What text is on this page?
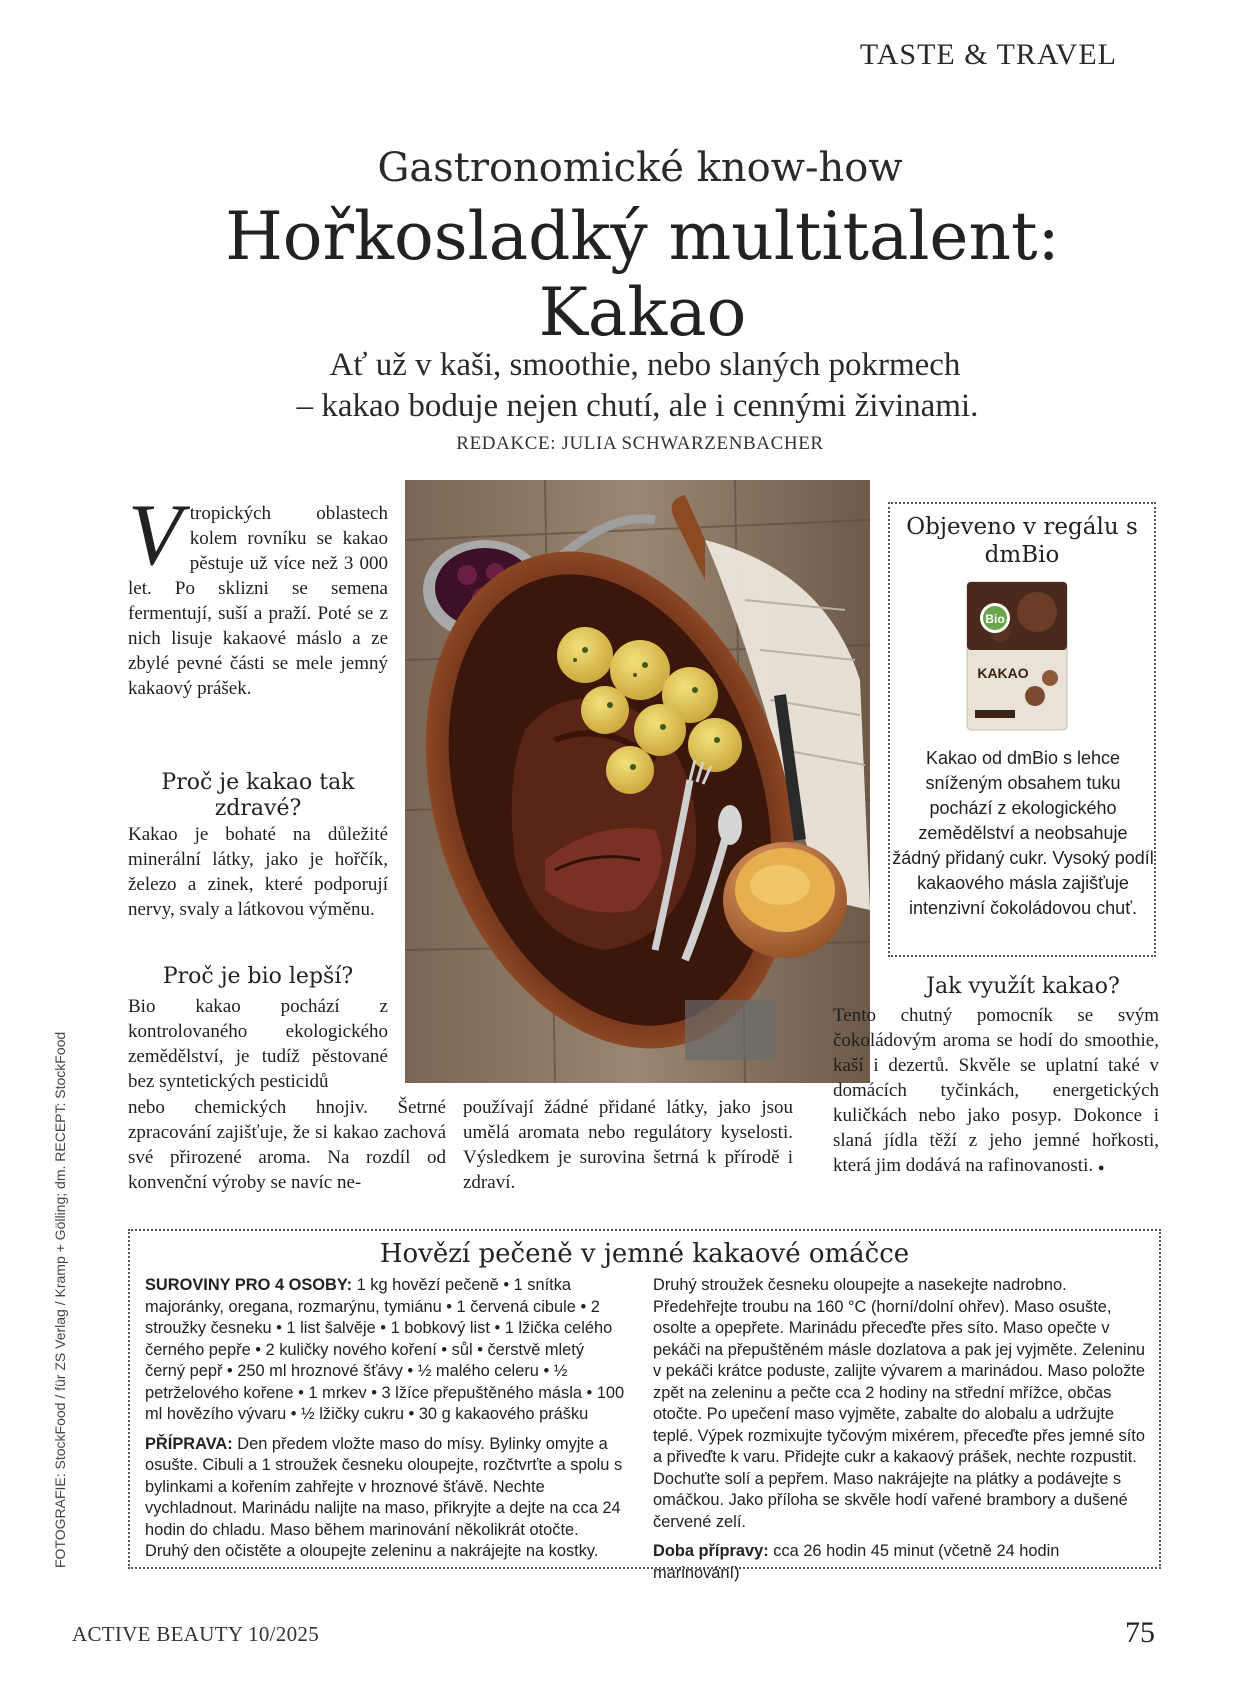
TASTE & TRAVEL
Gastronomické know-how
Hořkosladký multitalent:
Kakao
Ať už v kaši, smoothie, nebo slaných pokrmech
– kakao boduje nejen chutí, ale i cennými živinami.
REDAKCE: JULIA SCHWARZENBACHER
V tropických oblastech kolem rovníku se kakao pěstuje už více než 3 000 let. Po sklizni se semena fermentují, suší a praží. Poté se z nich lisuje kakaové máslo a ze zbylé pevné části se mele jemný kakaový prášek.
Proč je kakao tak zdravé?
Kakao je bohaté na důležité minerální látky, jako je hořčík, železo a zinek, které podporují nervy, svaly a látkovou výměnu.
Proč je bio lepší?
Bio kakao pochází z kontrolovaného ekologického zemědělství, je tudíž pěstované bez syntetických pesticidů
nebo chemických hnojiv. Šetrné zpracování zajišťuje, že si kakao zachová své přirozené aroma. Na rozdíl od konvenční výroby se navíc ne-
používají žádné přidané látky, jako jsou umělá aromata nebo regulátory kyselosti. Výsledkem je surovina šetrná k přírodě i zdraví.
Objeveno v regálu s dmBio
Bio
KAKAO
Kakao od dmBio s lehce sníženým obsahem tuku pochází z ekologického zemědělství a neobsahuje žádný přidaný cukr. Vysoký podíl kakaového másla zajišťuje intenzivní čokoládovou chuť.
Jak využít kakao?
Tento chutný pomocník se svým čokoládovým aroma se hodí do smoothie, kaší i dezertů. Skvěle se uplatní také v domácích tyčinkách, energetických kuličkách nebo jako posyp. Dokonce i slaná jídla těží z jeho jemné hořkosti, která jim dodává na rafinovanosti. ●
Hovězí pečeně v jemné kakaové omáčce
SUROVINY PRO 4 OSOBY: 1 kg hovězí pečeně • 1 snítka majoránky, oregana, rozmarýnu, tymiánu • 1 červená cibule • 2 stroužky česneku • 1 list šalvěje • 1 bobkový list • 1 lžička celého černého pepře • 2 kuličky nového koření • sůl • čerstvě mletý černý pepř • 250 ml hroznové šťávy • ½ malého celeru • ½ petrželového kořene • 1 mrkev • 3 lžíce přepuštěného másla • 100 ml hovězího vývaru • ½ lžičky cukru • 30 g kakaového prášku
PŘÍPRAVA: Den předem vložte maso do mísy. Bylinky omyjte a osušte. Cibuli a 1 stroužek česneku oloupejte, rozčtvrťte a spolu s bylinkami a kořením zahřejte v hroznové šťávě. Nechte vychladnout. Marinádu nalijte na maso, přikryjte a dejte na cca 24 hodin do chladu. Maso během marinování několikrát otočte. Druhý den očistěte a oloupejte zeleninu a nakrájejte na kostky.
Druhý stroužek česneku oloupejte a nasekejte nadrobno. Předehřejte troubu na 160 °C (horní/dolní ohřev). Maso osušte, osolte a opepřete. Marinádu přeceďte přes síto. Maso opečte v pekáči na přepuštěném másle dozlatova a pak jej vyjměte. Zeleninu v pekáči krátce poduste, zalijte vývarem a marinádou. Maso položte zpět na zeleninu a pečte cca 2 hodiny na střední mřížce, občas otočte. Po upečení maso vyjměte, zabalte do alobalu a udržujte teplé. Výpek rozmixujte tyčovým mixérem, přeceďte přes jemné síto a přiveďte k varu. Přidejte cukr a kakaový prášek, nechte rozpustit. Dochuťte solí a pepřem. Maso nakrájejte na plátky a podávejte s omáčkou. Jako příloha se skvěle hodí vařené brambory a dušené červené zelí.
Doba přípravy: cca 26 hodin 45 minut (včetně 24 hodin marinování)
FOTOGRAFIE: StockFood / für ZS Verlag / Kramp + Gölling; dm. RECEPT: StockFood
ACTIVE BEAUTY 10/2025	75
